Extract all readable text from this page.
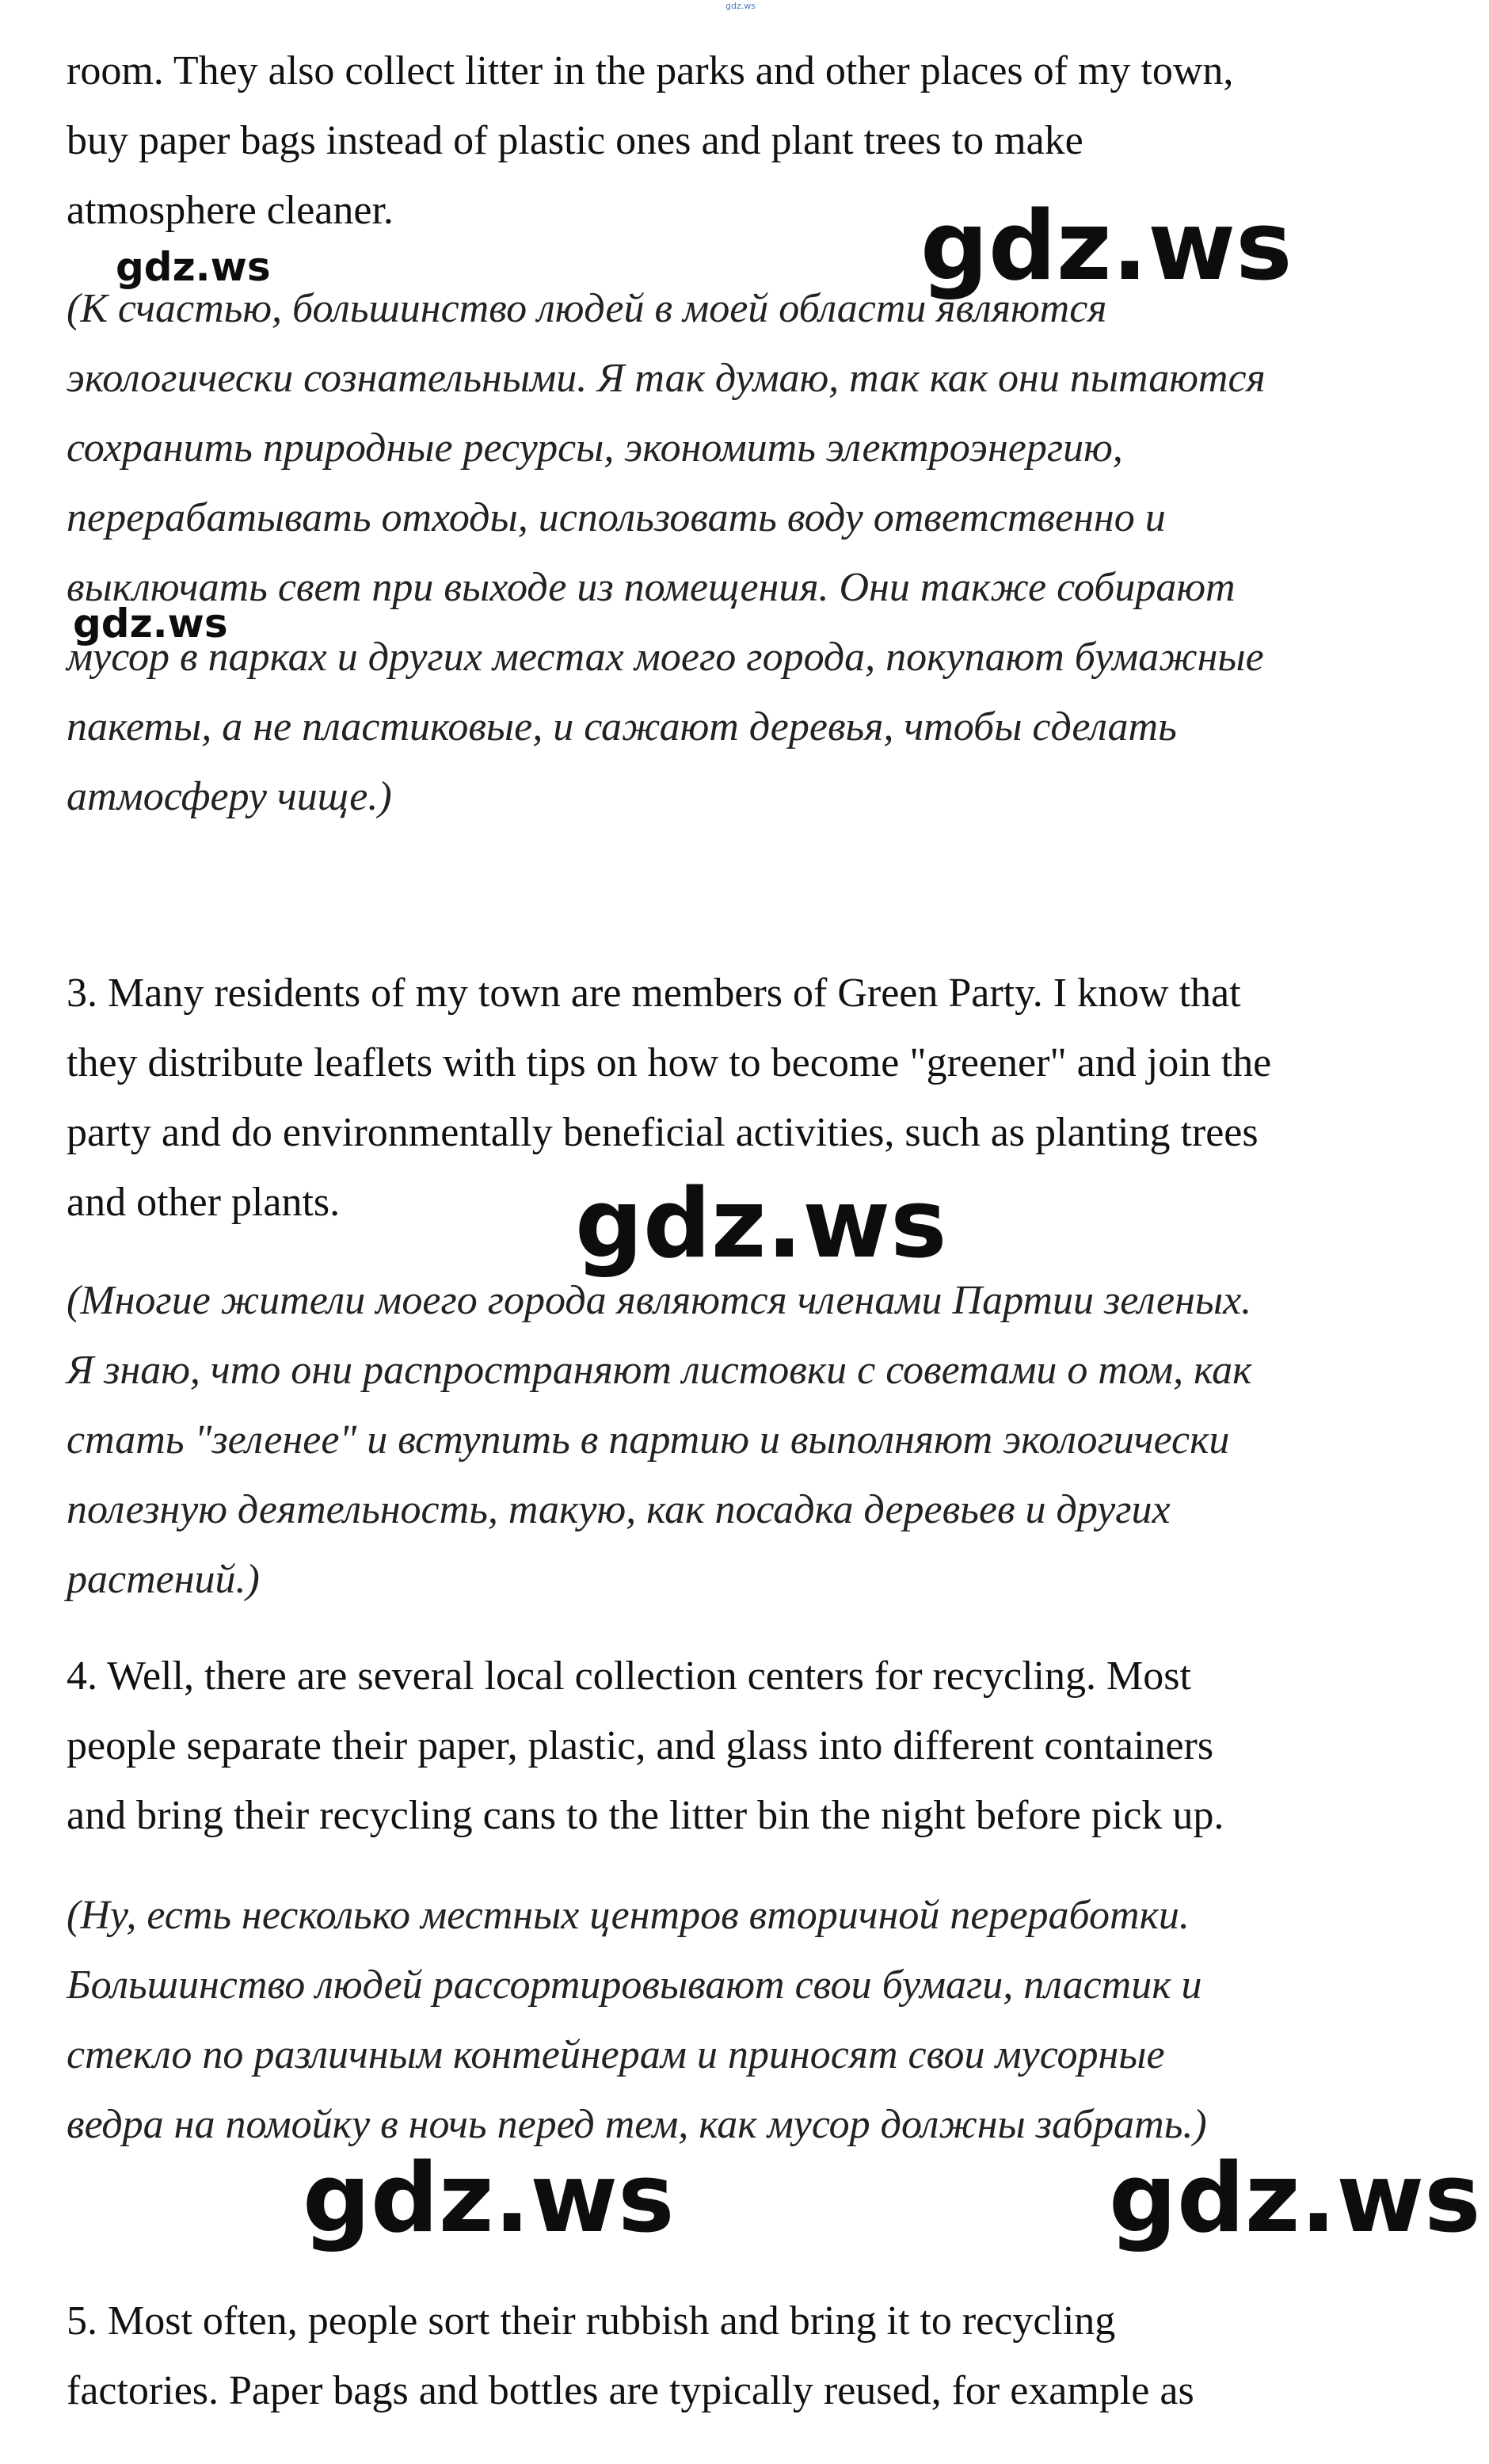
gdz.ws

room. They also collect litter in the parks and other places of my town,
buy paper bags instead of plastic ones and plant trees to make
atmosphere cleaner.

gdz.ws	gdz.ws

(К счастью, большинство людей в моей области являются
экологически сознательными. Я так думаю, так как они пытаются
сохранить природные ресурсы, экономить электроэнергию,
перерабатывать отходы, использовать воду ответственно и
выключать свет при выходе из помещения. Они также собирают
мусор в парках и других местах моего города, покупают бумажные
пакеты, а не пластиковые, и сажают деревья, чтобы сделать
атмосферу чище.)

gdz.ws

3. Many residents of my town are members of Green Party. I know that
they distribute leaflets with tips on how to become "greener" and join the
party and do environmentally beneficial activities, such as planting trees
and other plants.	gdz.ws

(Многие жители моего города являются членами Партии зеленых.
Я знаю, что они распространяют листовки с советами о том, как
стать "зеленее" и вступить в партию и выполняют экологически
полезную деятельность, такую, как посадка деревьев и других
растений.)

4. Well, there are several local collection centers for recycling. Most
people separate their paper, plastic, and glass into different containers
and bring their recycling cans to the litter bin the night before pick up.

(Ну, есть несколько местных центров вторичной переработки.
Большинство людей рассортировывают свои бумаги, пластик и
стекло по различным контейнерам и приносят свои мусорные
ведра на помойку в ночь перед тем, как мусор должны забрать.)

gdz.ws	gdz.ws

5. Most often, people sort their rubbish and bring it to recycling
factories. Paper bags and bottles are typically reused, for example as
